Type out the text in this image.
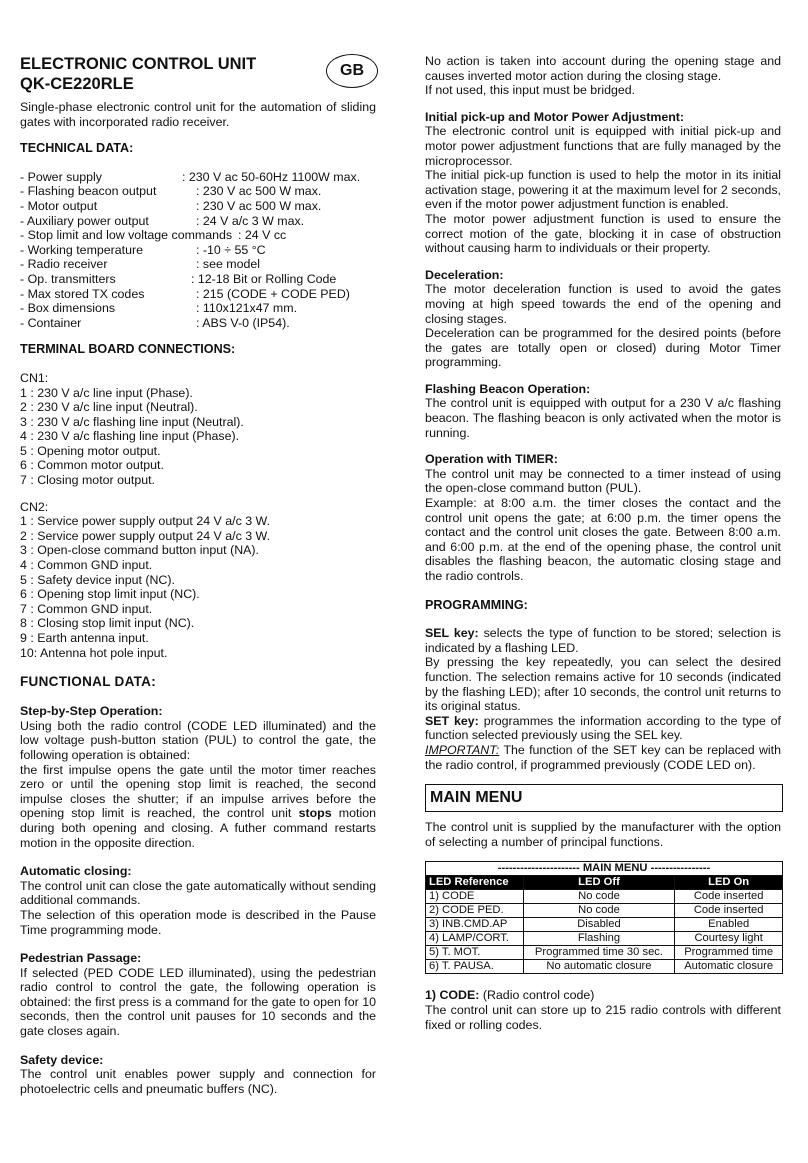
ELECTRONIC CONTROL UNIT

QK-CE220RLE

GB

Single-phase electronic control unit for the automation of sliding gates with incorporated radio receiver.

TECHNICAL DATA:

- Power supply	: 230 V ac 50-60Hz 1100W max.
- Flashing beacon output	: 230 V ac 500 W max.
- Motor output	: 230 V ac 500 W max.
- Auxiliary power output	: 24 V a/c 3 W max.
- Stop limit and low voltage commands : 24 V cc
- Working temperature	: -10 ÷ 55 °C
- Radio receiver	: see model
- Op. transmitters	: 12-18 Bit or Rolling Code
- Max stored TX codes	: 215 (CODE + CODE PED)
- Box dimensions	: 110x121x47 mm.
- Container	: ABS V-0 (IP54).

TERMINAL BOARD CONNECTIONS:

CN1:

1 : 230 V a/c line input (Phase).

2 : 230 V a/c line input (Neutral).

3 : 230 V a/c flashing line input (Neutral).

4 : 230 V a/c flashing line input (Phase).

5 : Opening motor output.

6 : Common motor output.

7 : Closing motor output.

CN2:

1 : Service power supply output 24 V a/c 3 W.

2 : Service power supply output 24 V a/c 3 W.

3 : Open-close command button input (NA).

4 : Common GND input.

5 : Safety device input (NC).

6 : Opening stop limit input (NC).

7 : Common GND input.

8 : Closing stop limit input (NC).

9 : Earth antenna input.

10: Antenna hot pole input.

FUNCTIONAL DATA:

Step-by-Step Operation:

Using both the radio control (CODE LED illuminated) and the low voltage push-button station (PUL) to control the gate, the following operation is obtained:

the first impulse opens the gate until the motor timer reaches zero or until the opening stop limit is reached, the second impulse closes the shutter; if an impulse arrives before the opening stop limit is reached, the control unit stops motion during both opening and closing. A futher command restarts motion in the opposite direction.

Automatic closing:

The control unit can close the gate automatically without sending additional commands.

The selection of this operation mode is described in the Pause Time programming mode.

Pedestrian Passage:

If selected (PED CODE LED illuminated), using the pedestrian radio control to control the gate, the following operation is obtained: the first press is a command for the gate to open for 10 seconds, then the control unit pauses for 10 seconds and the gate closes again.

Safety device:

The control unit enables power supply and connection for photoelectric cells and pneumatic buffers (NC).

No action is taken into account during the opening stage and causes inverted motor action during the closing stage.

If not used, this input must be bridged.

Initial pick-up and Motor Power Adjustment:

The electronic control unit is equipped with initial pick-up and motor power adjustment functions that are fully managed by the microprocessor.

The initial pick-up function is used to help the motor in its initial activation stage, powering it at the maximum level for 2 seconds, even if the motor power adjustment function is enabled.

The motor power adjustment function is used to ensure the correct motion of the gate, blocking it in case of obstruction without causing harm to individuals or their property.

Deceleration:

The motor deceleration function is used to avoid the gates moving at high speed towards the end of the opening and closing stages.

Deceleration can be programmed for the desired points (before the gates are totally open or closed) during Motor Timer programming.

Flashing Beacon Operation:

The control unit is equipped with output for a 230 V a/c flashing beacon. The flashing beacon is only activated when the motor is running.

Operation with TIMER:

The control unit may be connected to a timer instead of using the open-close command button (PUL).

Example: at 8:00 a.m. the timer closes the contact and the control unit opens the gate; at 6:00 p.m. the timer opens the contact and the control unit closes the gate. Between 8:00 a.m. and 6:00 p.m. at the end of the opening phase, the control unit disables the flashing beacon, the automatic closing stage and the radio controls.

PROGRAMMING:

SEL key: selects the type of function to be stored; selection is indicated by a flashing LED.

By pressing the key repeatedly, you can select the desired function. The selection remains active for 10 seconds (indicated by the flashing LED); after 10 seconds, the control unit returns to its original status.

SET key: programmes the information according to the type of function selected previously using the SEL key.

IMPORTANT: The function of the SET key can be replaced with the radio control, if programmed previously (CODE LED on).

MAIN MENU

The control unit is supplied by the manufacturer with the option of selecting a number of principal functions.

---------------------- MAIN MENU ----------------		
LED Reference	LED Off	LED On
1) CODE	No code	Code inserted
2) CODE PED.	No code	Code inserted
3) INB.CMD.AP	Disabled	Enabled
4) LAMP/CORT.	Flashing	Courtesy light
5) T. MOT.	Programmed time 30 sec.	Programmed time
6) T. PAUSA.	No automatic closure	Automatic closure

1) CODE: (Radio control code)

The control unit can store up to 215 radio controls with different fixed or rolling codes.
